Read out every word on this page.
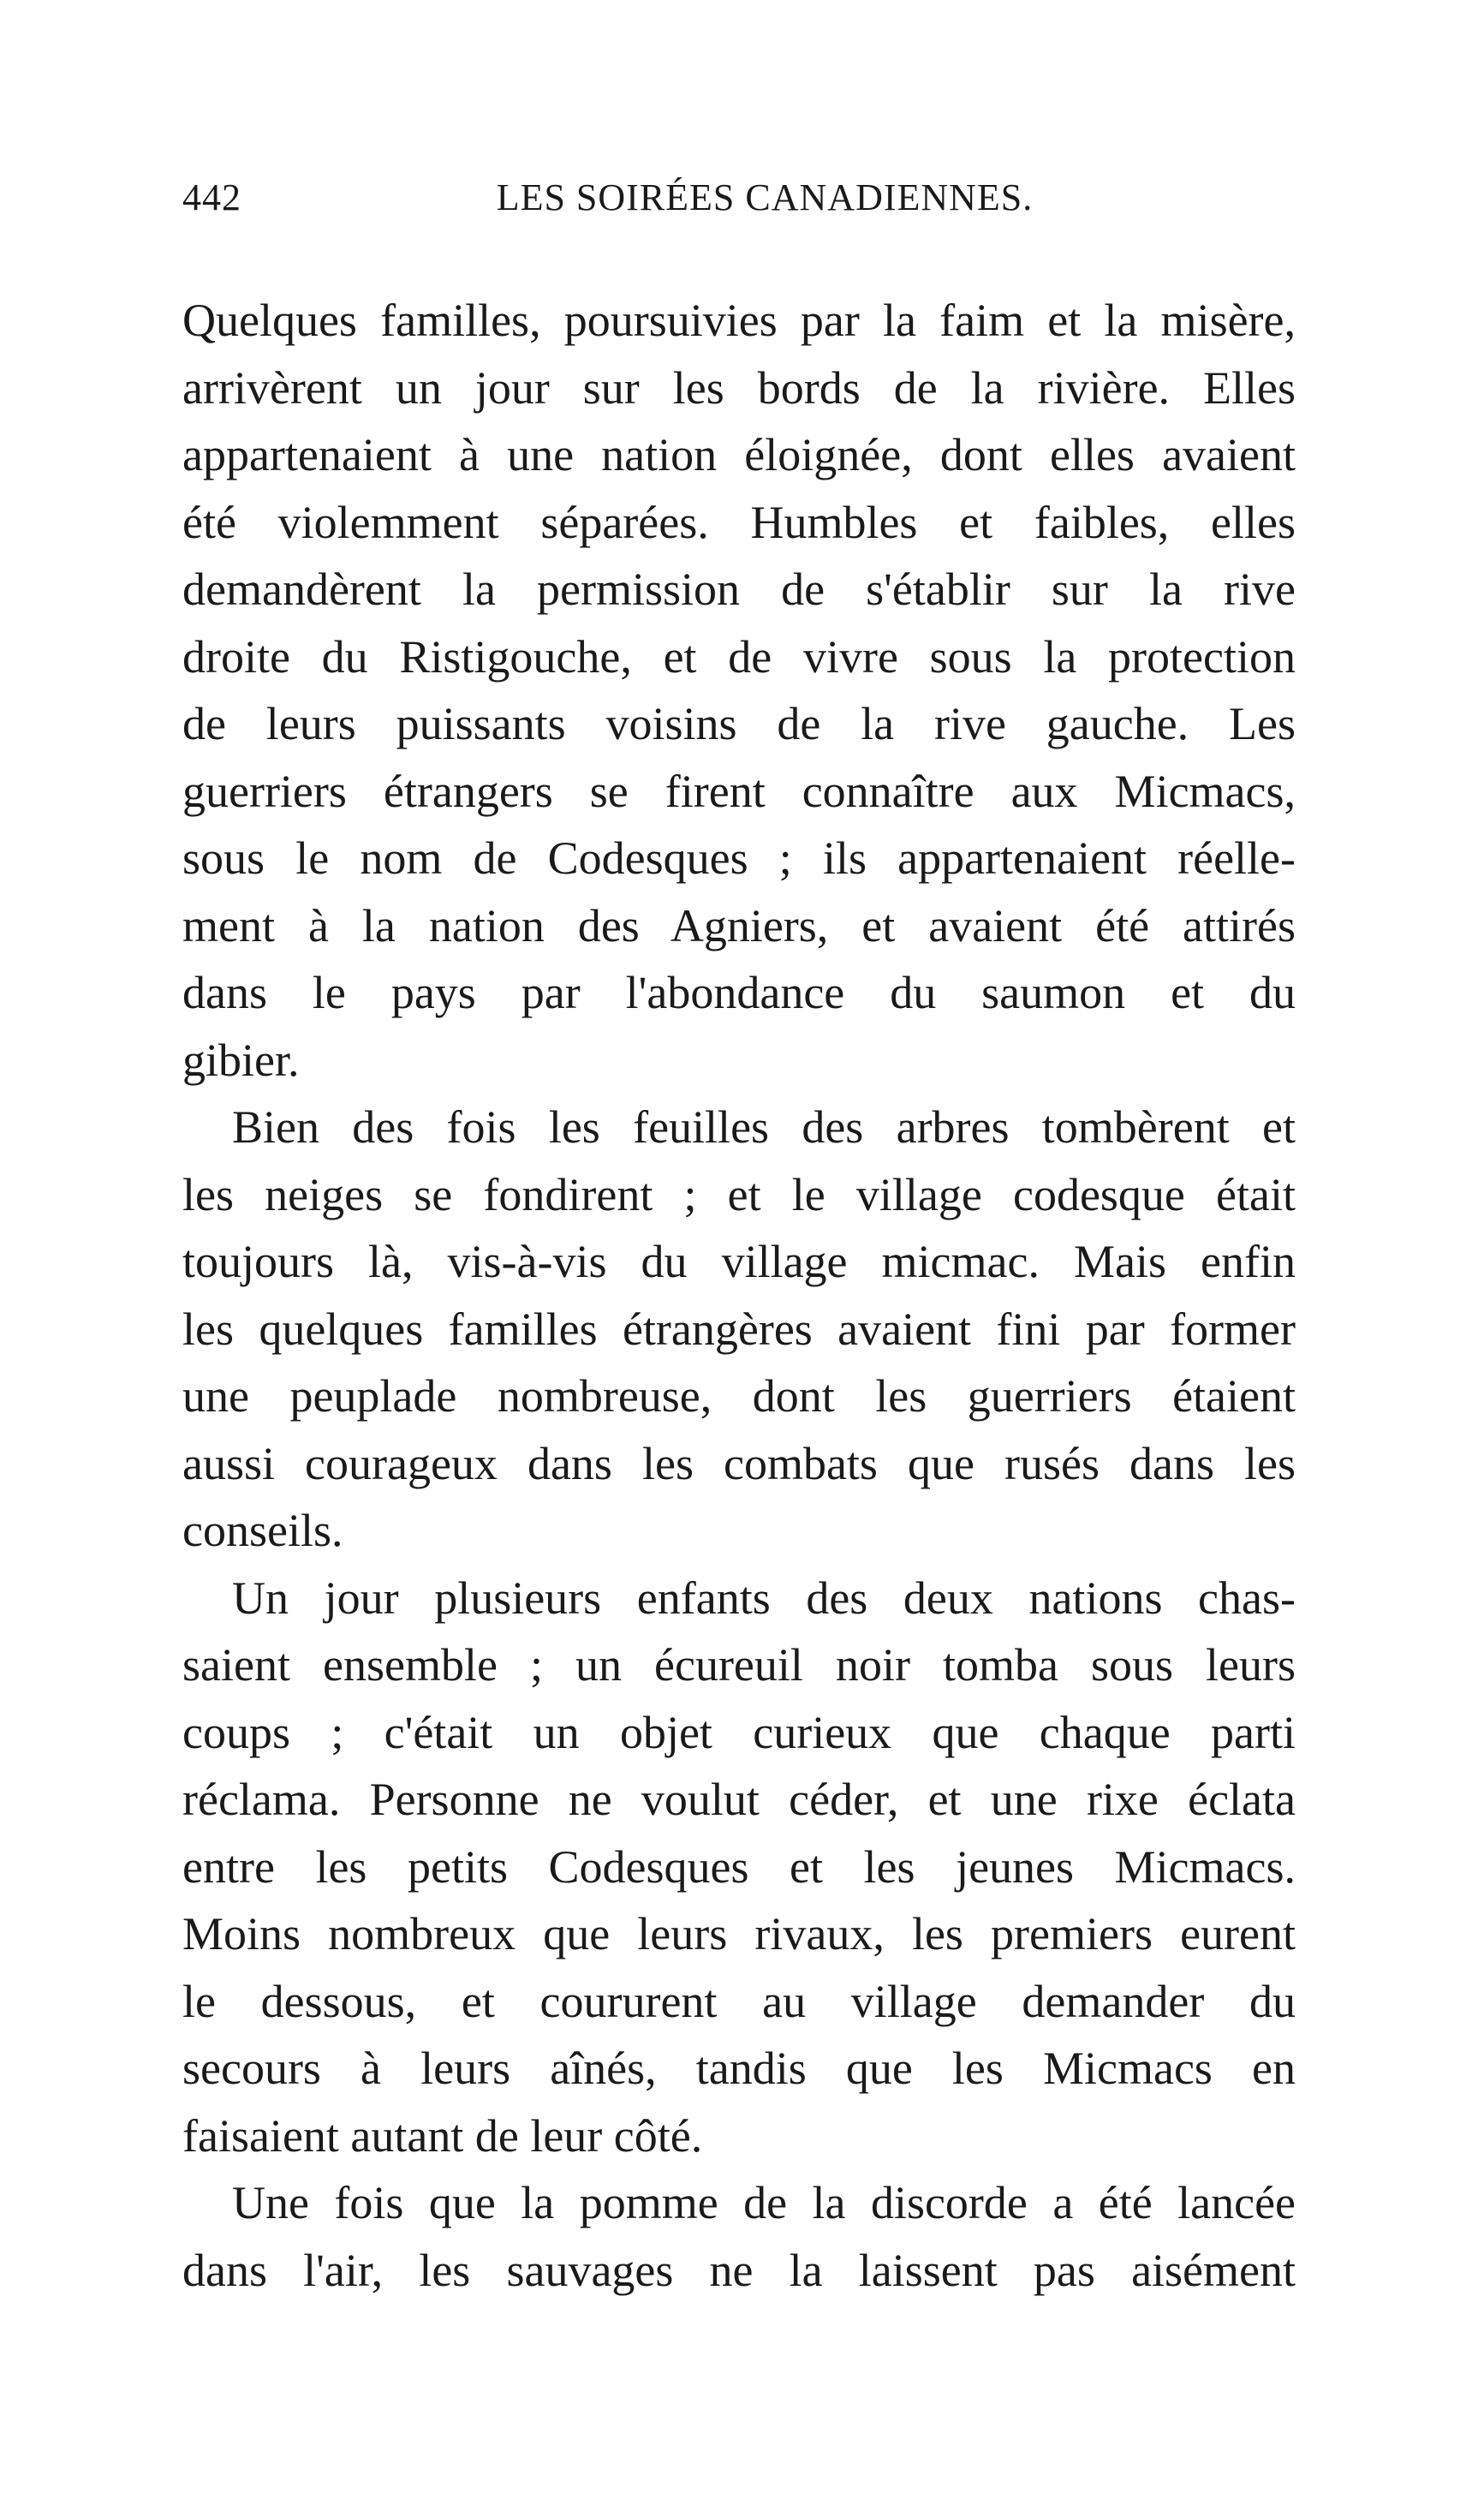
442	LES SOIRÉES CANADIENNES.
Quelques familles, poursuivies par la faim et la misère,
arrivèrent un jour sur les bords de la rivière. Elles
appartenaient à une nation éloignée, dont elles avaient
été violemment séparées. Humbles et faibles, elles
demandèrent la permission de s'établir sur la rive
droite du Ristigouche, et de vivre sous la protection
de leurs puissants voisins de la rive gauche. Les
guerriers étrangers se firent connaître aux Micmacs,
sous le nom de Codesques ; ils appartenaient réelle-
ment à la nation des Agniers, et avaient été attirés
dans le pays par l'abondance du saumon et du
gibier.
Bien des fois les feuilles des arbres tombèrent et
les neiges se fondirent ; et le village codesque était
toujours là, vis-à-vis du village micmac. Mais enfin
les quelques familles étrangères avaient fini par former
une peuplade nombreuse, dont les guerriers étaient
aussi courageux dans les combats que rusés dans les
conseils.
Un jour plusieurs enfants des deux nations chas-
saient ensemble ; un écureuil noir tomba sous leurs
coups ; c'était un objet curieux que chaque parti
réclama. Personne ne voulut céder, et une rixe éclata
entre les petits Codesques et les jeunes Micmacs.
Moins nombreux que leurs rivaux, les premiers eurent
le dessous, et coururent au village demander du
secours à leurs aînés, tandis que les Micmacs en
faisaient autant de leur côté.
Une fois que la pomme de la discorde a été lancée
dans l'air, les sauvages ne la laissent pas aisément
